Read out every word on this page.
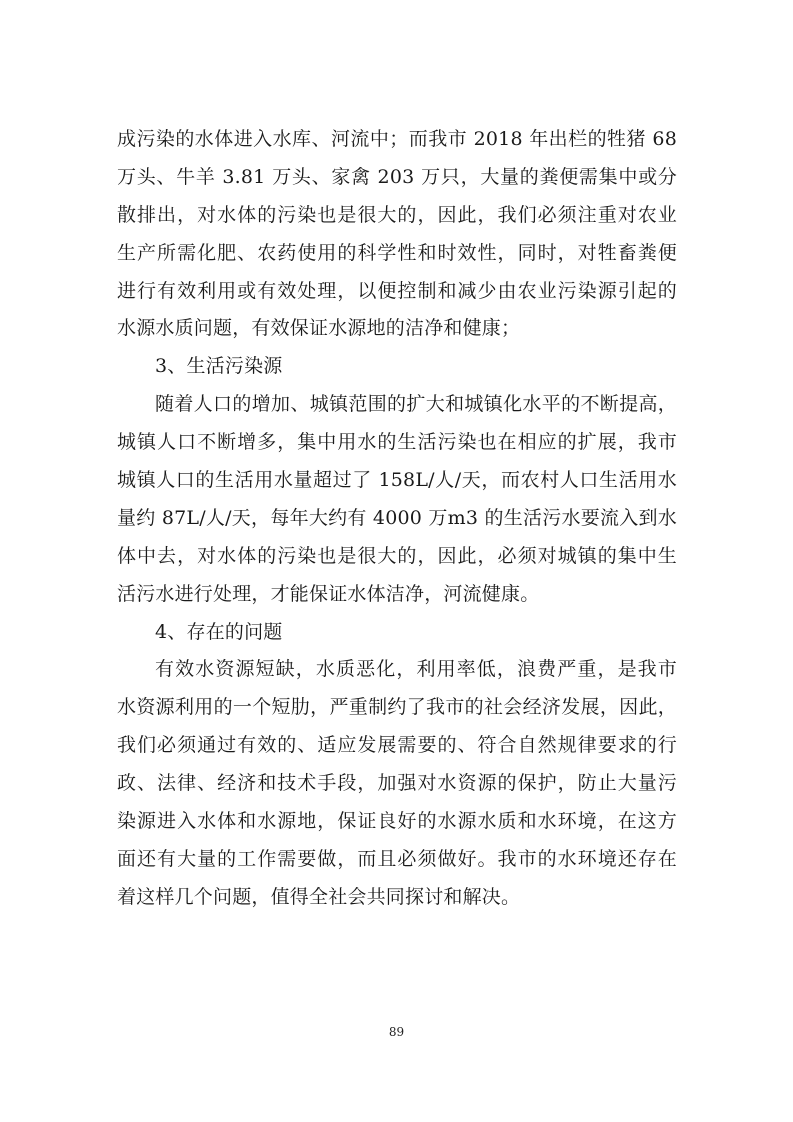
成污染的水体进入水库、河流中；而我市 2018 年出栏的牲猪 68
万头、牛羊 3.81 万头、家禽 203 万只，大量的粪便需集中或分
散排出，对水体的污染也是很大的，因此，我们必须注重对农业
生产所需化肥、农药使用的科学性和时效性，同时，对牲畜粪便
进行有效利用或有效处理，以便控制和减少由农业污染源引起的
水源水质问题，有效保证水源地的洁净和健康；
3、生活污染源
随着人口的增加、城镇范围的扩大和城镇化水平的不断提高，
城镇人口不断增多，集中用水的生活污染也在相应的扩展，我市
城镇人口的生活用水量超过了 158L/人/天，而农村人口生活用水
量约 87L/人/天，每年大约有 4000 万m3 的生活污水要流入到水
体中去，对水体的污染也是很大的，因此，必须对城镇的集中生
活污水进行处理，才能保证水体洁净，河流健康。
4、存在的问题
有效水资源短缺，水质恶化，利用率低，浪费严重，是我市
水资源利用的一个短肋，严重制约了我市的社会经济发展，因此，
我们必须通过有效的、适应发展需要的、符合自然规律要求的行
政、法律、经济和技术手段，加强对水资源的保护，防止大量污
染源进入水体和水源地，保证良好的水源水质和水环境，在这方
面还有大量的工作需要做，而且必须做好。我市的水环境还存在
着这样几个问题，值得全社会共同探讨和解决。
89
